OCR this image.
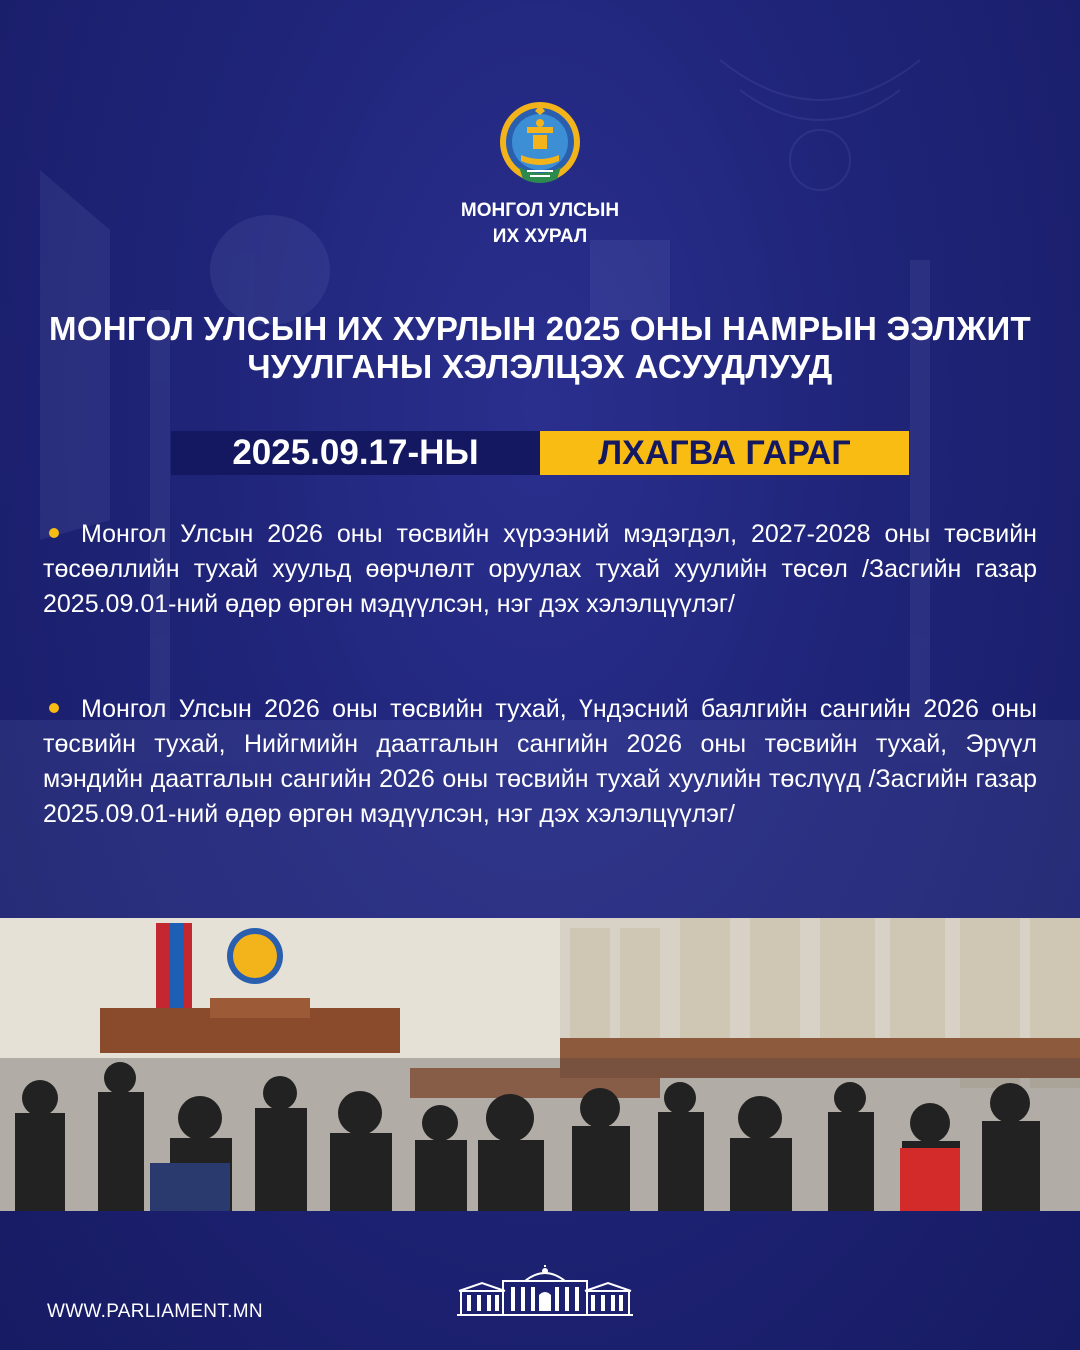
МОНГОЛ УЛСЫН
ИХ ХУРАЛ
МОНГОЛ УЛСЫН ИХ ХУРЛЫН 2025 ОНЫ НАМРЫН ЭЭЛЖИТ
ЧУУЛГАНЫ ХЭЛЭЛЦЭХ АСУУДЛУУД
2025.09.17-НЫ	ЛХАГВА ГАРАГ
Монгол Улсын 2026 оны төсвийн хүрээний мэдэгдэл, 2027-2028 оны төсвийн төсөөллийн тухай хуульд өөрчлөлт оруулах тухай хуулийн төсөл /Засгийн газар 2025.09.01-ний өдөр өргөн мэдүүлсэн, нэг дэх хэлэлцүүлэг/
Монгол Улсын 2026 оны төсвийн тухай, Үндэсний баялгийн сангийн 2026 оны төсвийн тухай, Нийгмийн даатгалын сангийн 2026 оны төсвийн тухай, Эрүүл мэндийн даатгалын сангийн 2026 оны төсвийн тухай хуулийн төслүүд /Засгийн газар 2025.09.01-ний өдөр өргөн мэдүүлсэн, нэг дэх хэлэлцүүлэг/
WWW.PARLIAMENT.MN
